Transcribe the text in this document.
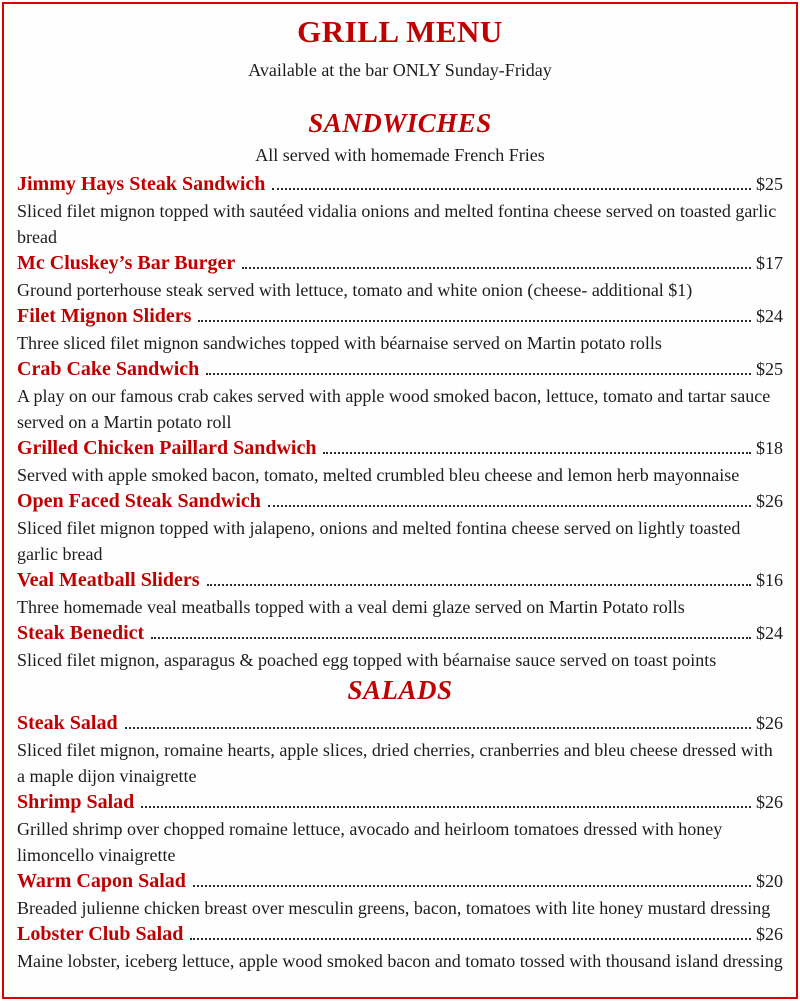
GRILL MENU

Available at the bar ONLY Sunday-Friday

SANDWICHES

All served with homemade French Fries

Jimmy Hays Steak Sandwich	$25

Sliced filet mignon topped with sautéed vidalia onions and melted fontina cheese served on toasted garlic bread

Mc Cluskey’s Bar Burger	$17

Ground porterhouse steak served with lettuce, tomato and white onion (cheese- additional $1)

Filet Mignon Sliders	$24

Three sliced filet mignon sandwiches topped with béarnaise served on Martin potato rolls

Crab Cake Sandwich	$25

A play on our famous crab cakes served with apple wood smoked bacon, lettuce, tomato and tartar sauce served on a Martin potato roll

Grilled Chicken Paillard Sandwich	$18

Served with apple smoked bacon, tomato, melted crumbled bleu cheese and lemon herb mayonnaise

Open Faced Steak Sandwich	$26

Sliced filet mignon topped with jalapeno, onions and melted fontina cheese served on lightly toasted garlic bread

Veal Meatball Sliders	$16

Three homemade veal meatballs topped with a veal demi glaze served on Martin Potato rolls

Steak Benedict	$24

Sliced filet mignon, asparagus & poached egg topped with béarnaise sauce served on toast points

SALADS
Steak Salad	$26

Sliced filet mignon, romaine hearts, apple slices, dried cherries, cranberries and bleu cheese dressed with a maple dijon vinaigrette

Shrimp Salad	$26

Grilled shrimp over chopped romaine lettuce, avocado and heirloom tomatoes dressed with honey limoncello vinaigrette

Warm Capon Salad	$20

Breaded julienne chicken breast over mesculin greens, bacon, tomatoes with lite honey mustard dressing

Lobster Club Salad	$26

Maine lobster, iceberg lettuce, apple wood smoked bacon and tomato tossed with thousand island dressing
